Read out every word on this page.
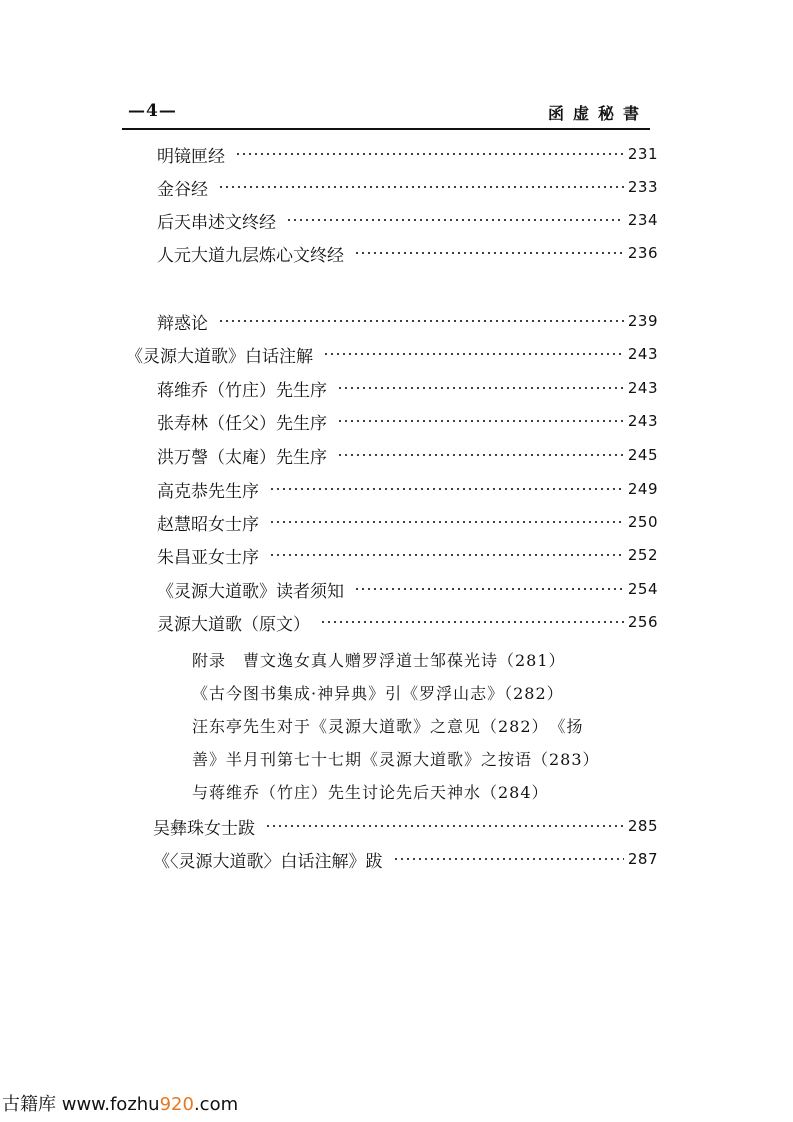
—4—	函虚秘書
明镜匣经	231
金谷经	233
后天串述文终经	234
人元大道九层炼心文终经	236
辩惑论	239
《灵源大道歌》白话注解	243
蒋维乔（竹庄）先生序	243
张寿林（任父）先生序	243
洪万謦（太庵）先生序	245
高克恭先生序	249
赵慧昭女士序	250
朱昌亚女士序	252
《灵源大道歌》读者须知	254
灵源大道歌（原文）	256
附录　曹文逸女真人赠罗浮道士邹葆光诗（281）
《古今图书集成·神异典》引《罗浮山志》（282）
汪东亭先生对于《灵源大道歌》之意见（282）　《扬
善》半月刊第七十七期《灵源大道歌》之按语（283）
与蒋维乔（竹庄）先生讨论先后天神水（284）
吴彝珠女士跋	285
《〈灵源大道歌〉白话注解》跋	287
古籍库 www.fozhu920.com
